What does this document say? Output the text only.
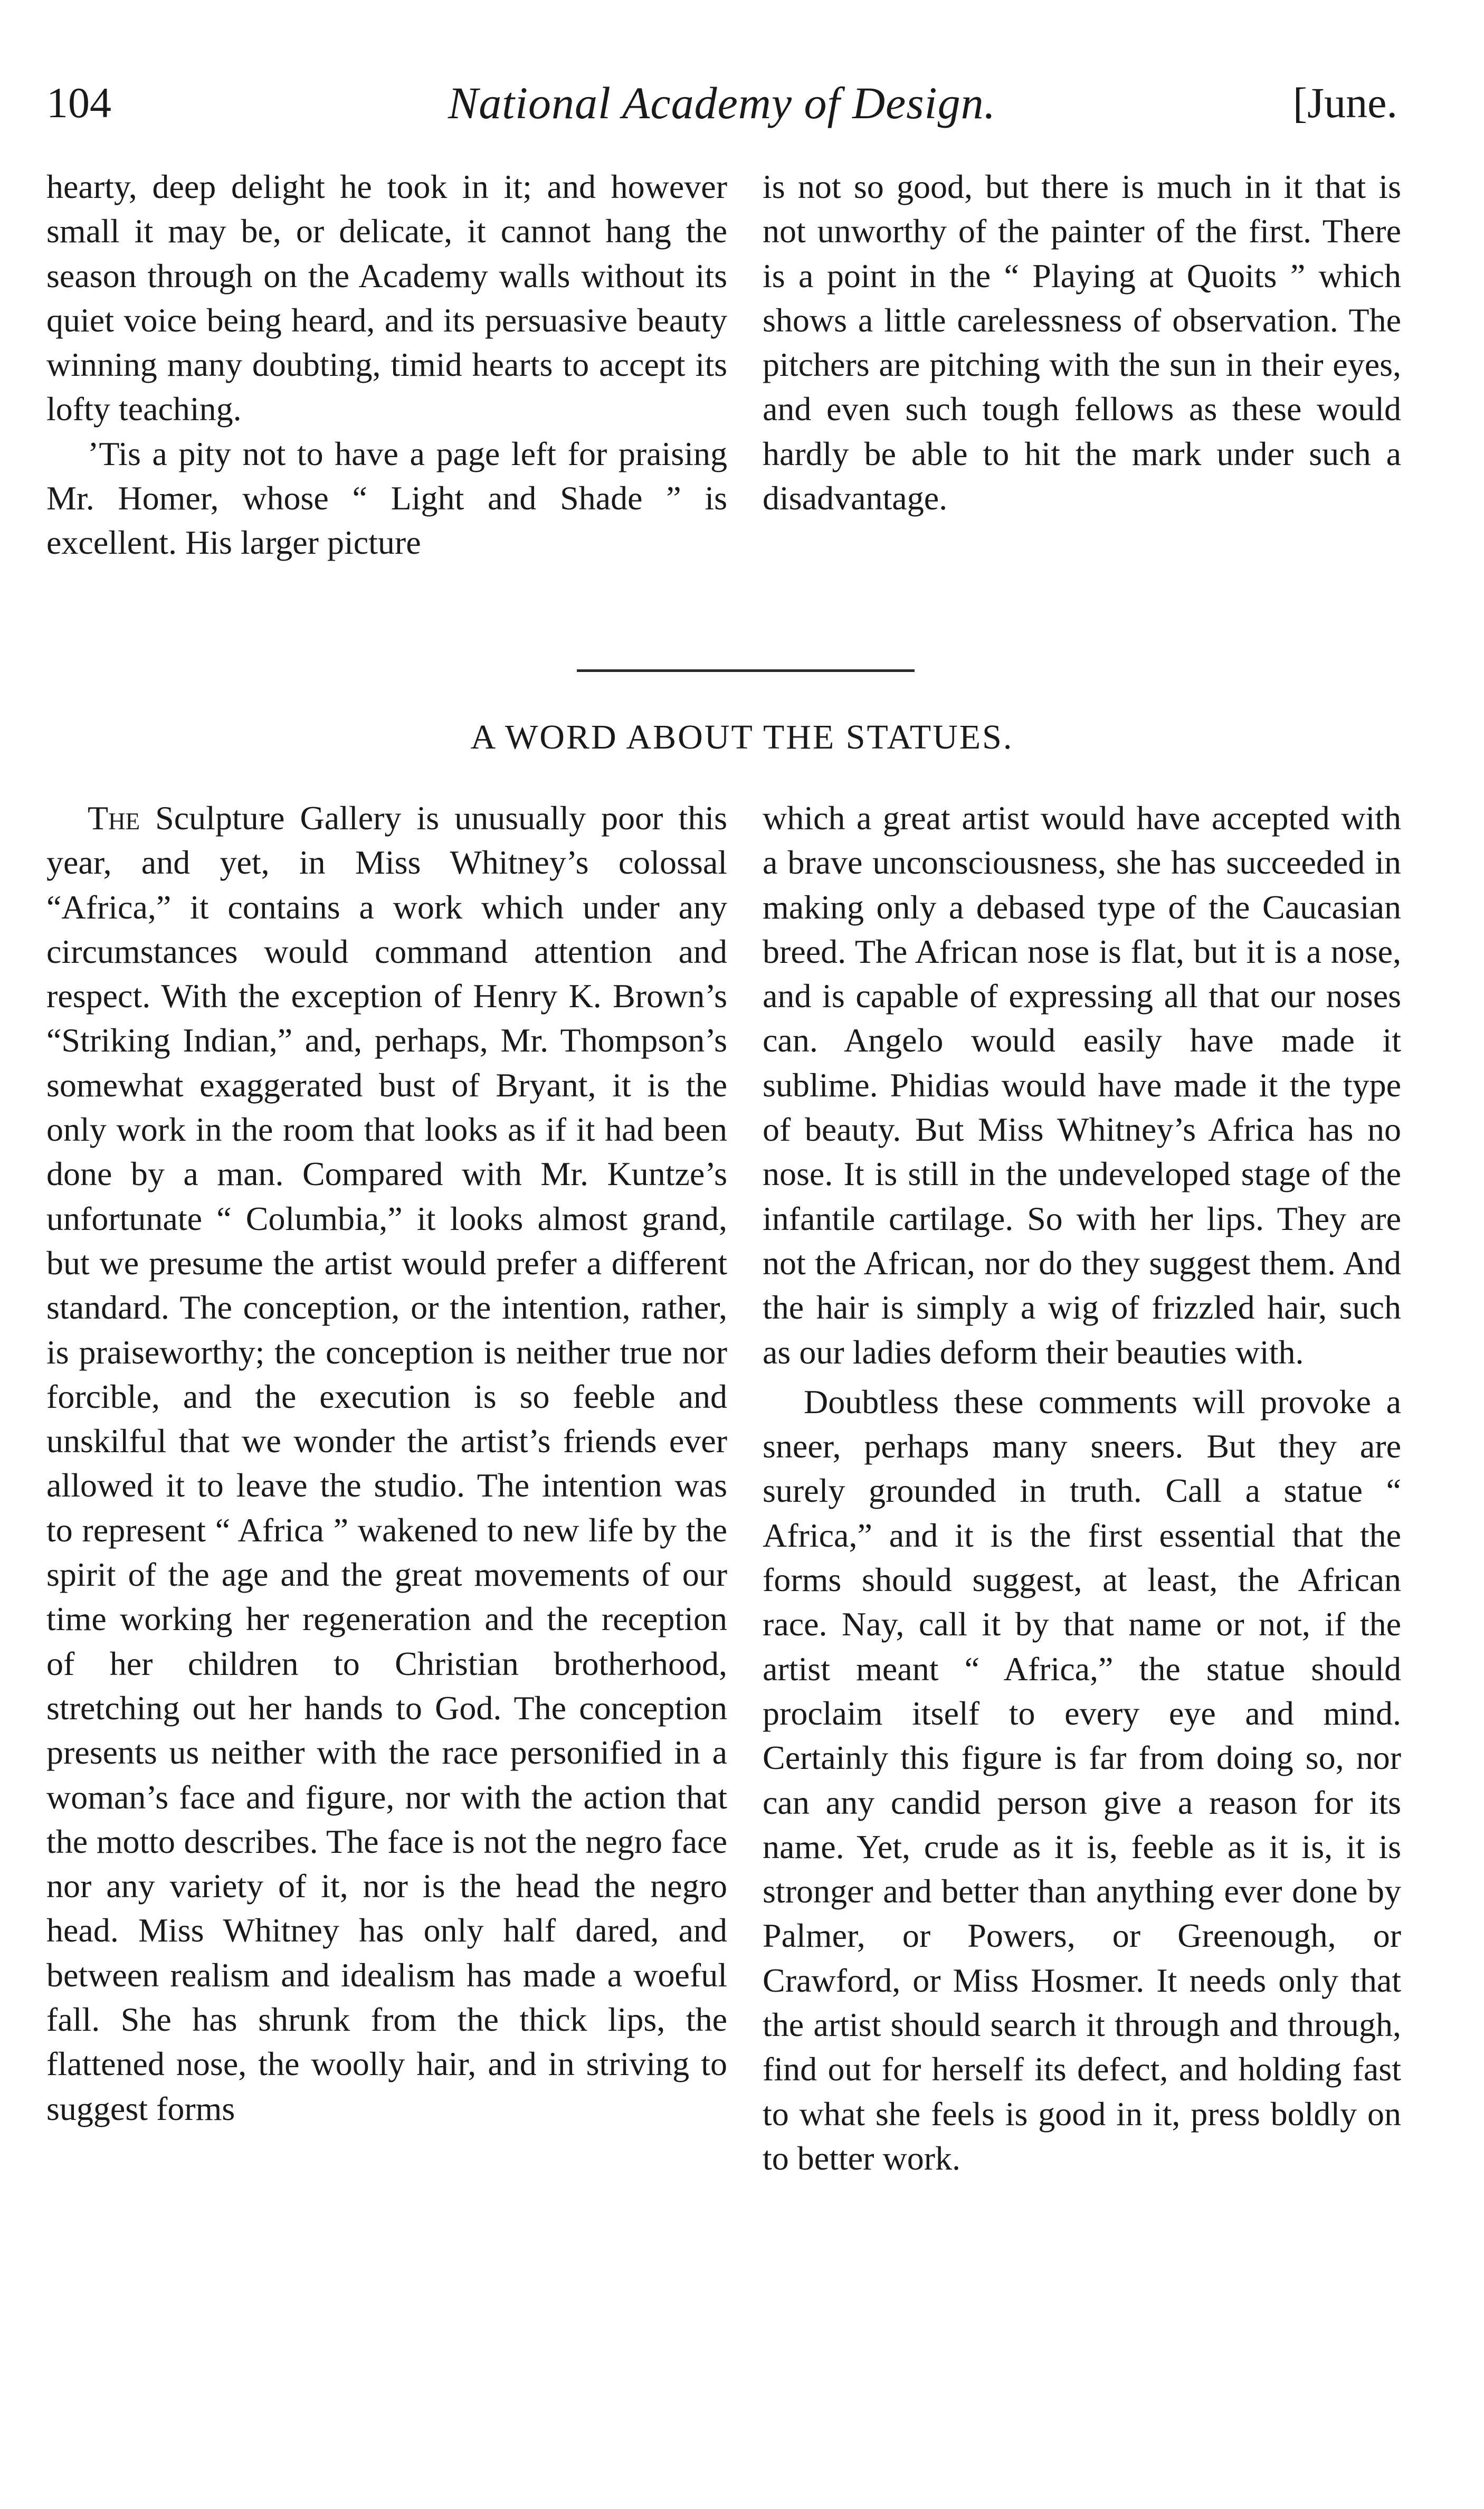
104	National Academy of Design.	[June.

hearty, deep delight he took in it; and however small it may be, or delicate, it cannot hang the season through on the Academy walls without its quiet voice being heard, and its persuasive beauty winning many doubting, timid hearts to accept its lofty teaching.

’Tis a pity not to have a page left for praising Mr. Homer, whose “ Light and Shade ” is excellent. His larger picture

is not so good, but there is much in it that is not unworthy of the painter of the first. There is a point in the “ Playing at Quoits ” which shows a little carelessness of observation. The pitchers are pitching with the sun in their eyes, and even such tough fellows as these would hardly be able to hit the mark under such a disadvantage.

A WORD ABOUT THE STATUES.

The Sculpture Gallery is unusually poor this year, and yet, in Miss Whitney’s colossal “Africa,” it contains a work which under any circumstances would command attention and respect. With the exception of Henry K. Brown’s “Striking Indian,” and, perhaps, Mr. Thompson’s somewhat exaggerated bust of Bryant, it is the only work in the room that looks as if it had been done by a man. Compared with Mr. Kuntze’s unfortunate “ Columbia,” it looks almost grand, but we presume the artist would prefer a different standard. The conception, or the intention, rather, is praiseworthy; the conception is neither true nor forcible, and the execution is so feeble and unskilful that we wonder the artist’s friends ever allowed it to leave the studio. The intention was to represent “ Africa ” wakened to new life by the spirit of the age and the great movements of our time working her regeneration and the reception of her children to Christian brotherhood, stretching out her hands to God. The conception presents us neither with the race personified in a woman’s face and figure, nor with the action that the motto describes. The face is not the negro face nor any variety of it, nor is the head the negro head. Miss Whitney has only half dared, and between realism and idealism has made a woeful fall. She has shrunk from the thick lips, the flattened nose, the woolly hair, and in striving to suggest forms

which a great artist would have accepted with a brave unconsciousness, she has succeeded in making only a debased type of the Caucasian breed. The African nose is flat, but it is a nose, and is capable of expressing all that our noses can. Angelo would easily have made it sublime. Phidias would have made it the type of beauty. But Miss Whitney’s Africa has no nose. It is still in the undeveloped stage of the infantile cartilage. So with her lips. They are not the African, nor do they suggest them. And the hair is simply a wig of frizzled hair, such as our ladies deform their beauties with.

Doubtless these comments will provoke a sneer, perhaps many sneers. But they are surely grounded in truth. Call a statue “ Africa,” and it is the first essential that the forms should suggest, at least, the African race. Nay, call it by that name or not, if the artist meant “ Africa,” the statue should proclaim itself to every eye and mind. Certainly this figure is far from doing so, nor can any candid person give a reason for its name. Yet, crude as it is, feeble as it is, it is stronger and better than anything ever done by Palmer, or Powers, or Greenough, or Crawford, or Miss Hosmer. It needs only that the artist should search it through and through, find out for herself its defect, and holding fast to what she feels is good in it, press boldly on to better work.
